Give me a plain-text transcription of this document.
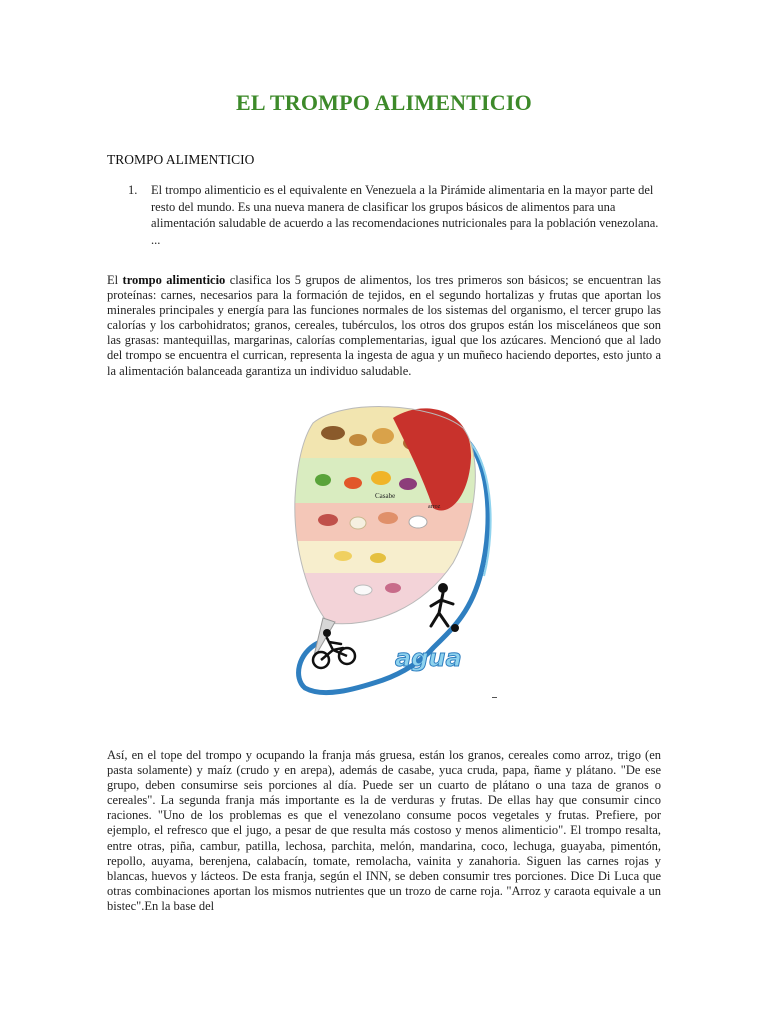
EL TROMPO ALIMENTICIO
TROMPO ALIMENTICIO
1. El trompo alimenticio es el equivalente en Venezuela a la Pirámide alimentaria en la mayor parte del resto del mundo. Es una nueva manera de clasificar los grupos básicos de alimentos para una alimentación saludable de acuerdo a las recomendaciones nutricionales para la población venezolana. ...

El trompo alimenticio clasifica los 5 grupos de alimentos, los tres primeros son básicos; se encuentran las proteínas: carnes, necesarios para la formación de tejidos, en el segundo hortalizas y frutas que aportan los minerales principales y energía para las funciones normales de los sistemas del organismo, el tercer grupo las calorías y los carbohidratos; granos, cereales, tubérculos, los otros dos grupos están los misceláneos que son las grasas: mantequillas, margarinas, calorías complementarias, igual que los azúcares. Mencionó que al lado del trompo se encuentra el currican, representa la ingesta de agua y un muñeco haciendo deportes, esto junto a la alimentación balanceada garantiza un individuo saludable.

Casabe
arroz
agua

Así, en el tope del trompo y ocupando la franja más gruesa, están los granos, cereales como arroz, trigo (en pasta solamente) y maíz (crudo y en arepa), además de casabe, yuca cruda, papa, ñame y plátano. "De ese grupo, deben consumirse seis porciones al día. Puede ser un cuarto de plátano o una taza de granos o cereales". La segunda franja más importante es la de verduras y frutas. De ellas hay que consumir cinco raciones. "Uno de los problemas es que el venezolano consume pocos vegetales y frutas. Prefiere, por ejemplo, el refresco que el jugo, a pesar de que resulta más costoso y menos alimenticio". El trompo resalta, entre otras, piña, cambur, patilla, lechosa, parchita, melón, mandarina, coco, lechuga, guayaba, pimentón, repollo, auyama, berenjena, calabacín, tomate, remolacha, vainita y zanahoria. Siguen las carnes rojas y blancas, huevos y lácteos. De esta franja, según el INN, se deben consumir tres porciones. Dice Di Luca que otras combinaciones aportan los mismos nutrientes que un trozo de carne roja. "Arroz y caraota equivale a un bistec".En la base del
